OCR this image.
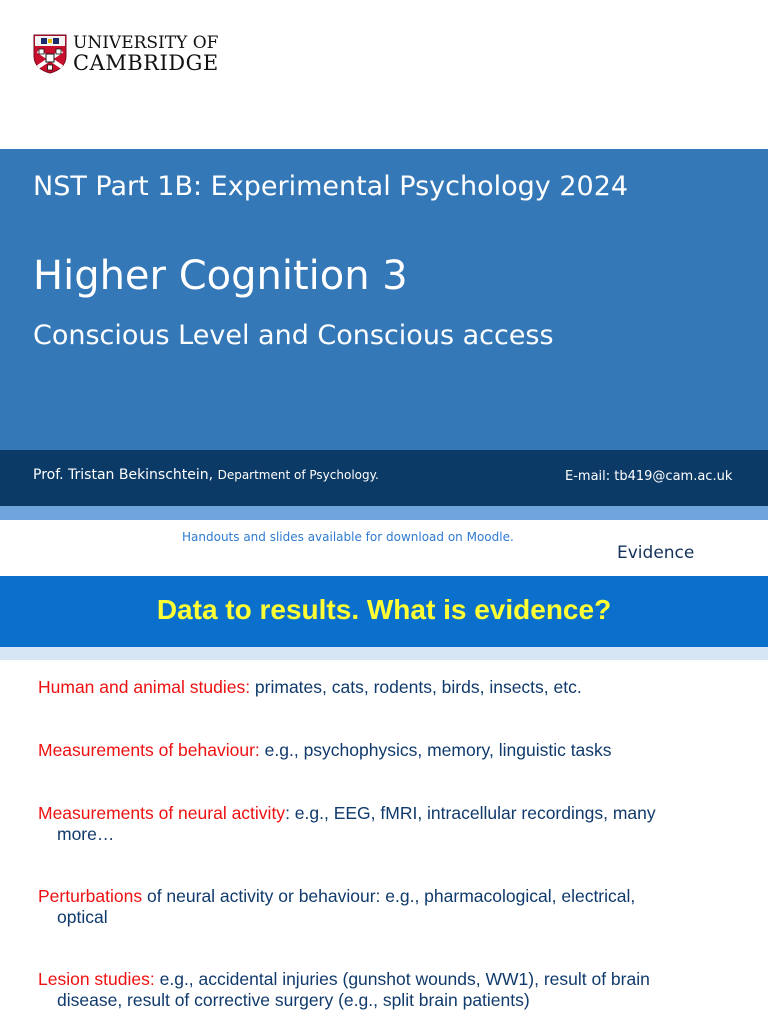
UNIVERSITY OF
CAMBRIDGE
NST Part 1B: Experimental Psychology 2024
Higher Cognition 3
Conscious Level and Conscious access
Prof. Tristan Bekinschtein, Department of Psychology.	E-mail: tb419@cam.ac.uk
Handouts and slides available for download on Moodle.
Evidence
Data to results. What is evidence?
Human and animal studies: primates, cats, rodents, birds, insects, etc.
Measurements of behaviour: e.g., psychophysics, memory, linguistic tasks
Measurements of neural activity: e.g., EEG, fMRI, intracellular recordings, many
more…
Perturbations of neural activity or behaviour: e.g., pharmacological, electrical,
optical
Lesion studies: e.g., accidental injuries (gunshot wounds, WW1), result of brain
disease, result of corrective surgery (e.g., split brain patients)
